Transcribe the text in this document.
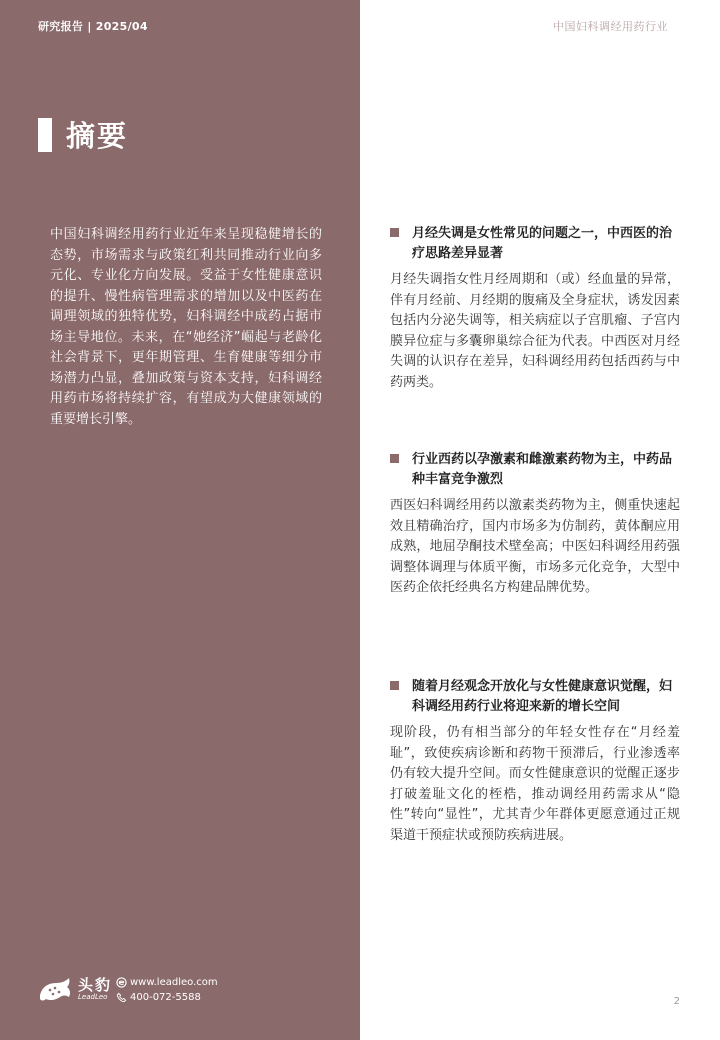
研究报告 | 2025/04	中国妇科调经用药行业
摘要

中国妇科调经用药行业近年来呈现稳健增长的态势，市场需求与政策红利共同推动行业向多元化、专业化方向发展。受益于女性健康意识的提升、慢性病管理需求的增加以及中医药在调理领域的独特优势，妇科调经中成药占据市场主导地位。未来，在“她经济”崛起与老龄化社会背景下，更年期管理、生育健康等细分市场潜力凸显，叠加政策与资本支持，妇科调经用药市场将持续扩容，有望成为大健康领域的重要增长引擎。

月经失调是女性常见的问题之一，中西医的治疗思路差异显著
月经失调指女性月经周期和（或）经血量的异常，伴有月经前、月经期的腹痛及全身症状，诱发因素包括内分泌失调等，相关病症以子宫肌瘤、子宫内膜异位症与多囊卵巢综合征为代表。中西医对月经失调的认识存在差异，妇科调经用药包括西药与中药两类。
行业西药以孕激素和雌激素药物为主，中药品种丰富竞争激烈
西医妇科调经用药以激素类药物为主，侧重快速起效且精确治疗，国内市场多为仿制药，黄体酮应用成熟，地屈孕酮技术壁垒高；中医妇科调经用药强调整体调理与体质平衡，市场多元化竞争，大型中医药企依托经典名方构建品牌优势。
随着月经观念开放化与女性健康意识觉醒，妇科调经用药行业将迎来新的增长空间
现阶段，仍有相当部分的年轻女性存在“月经羞耻”，致使疾病诊断和药物干预滞后，行业渗透率仍有较大提升空间。而女性健康意识的觉醒正逐步打破羞耻文化的桎梏，推动调经用药需求从“隐性”转向“显性”，尤其青少年群体更愿意通过正规渠道干预症状或预防疾病进展。
头豹
LeadLeo
www.leadleo.com
400-072-5588	2
